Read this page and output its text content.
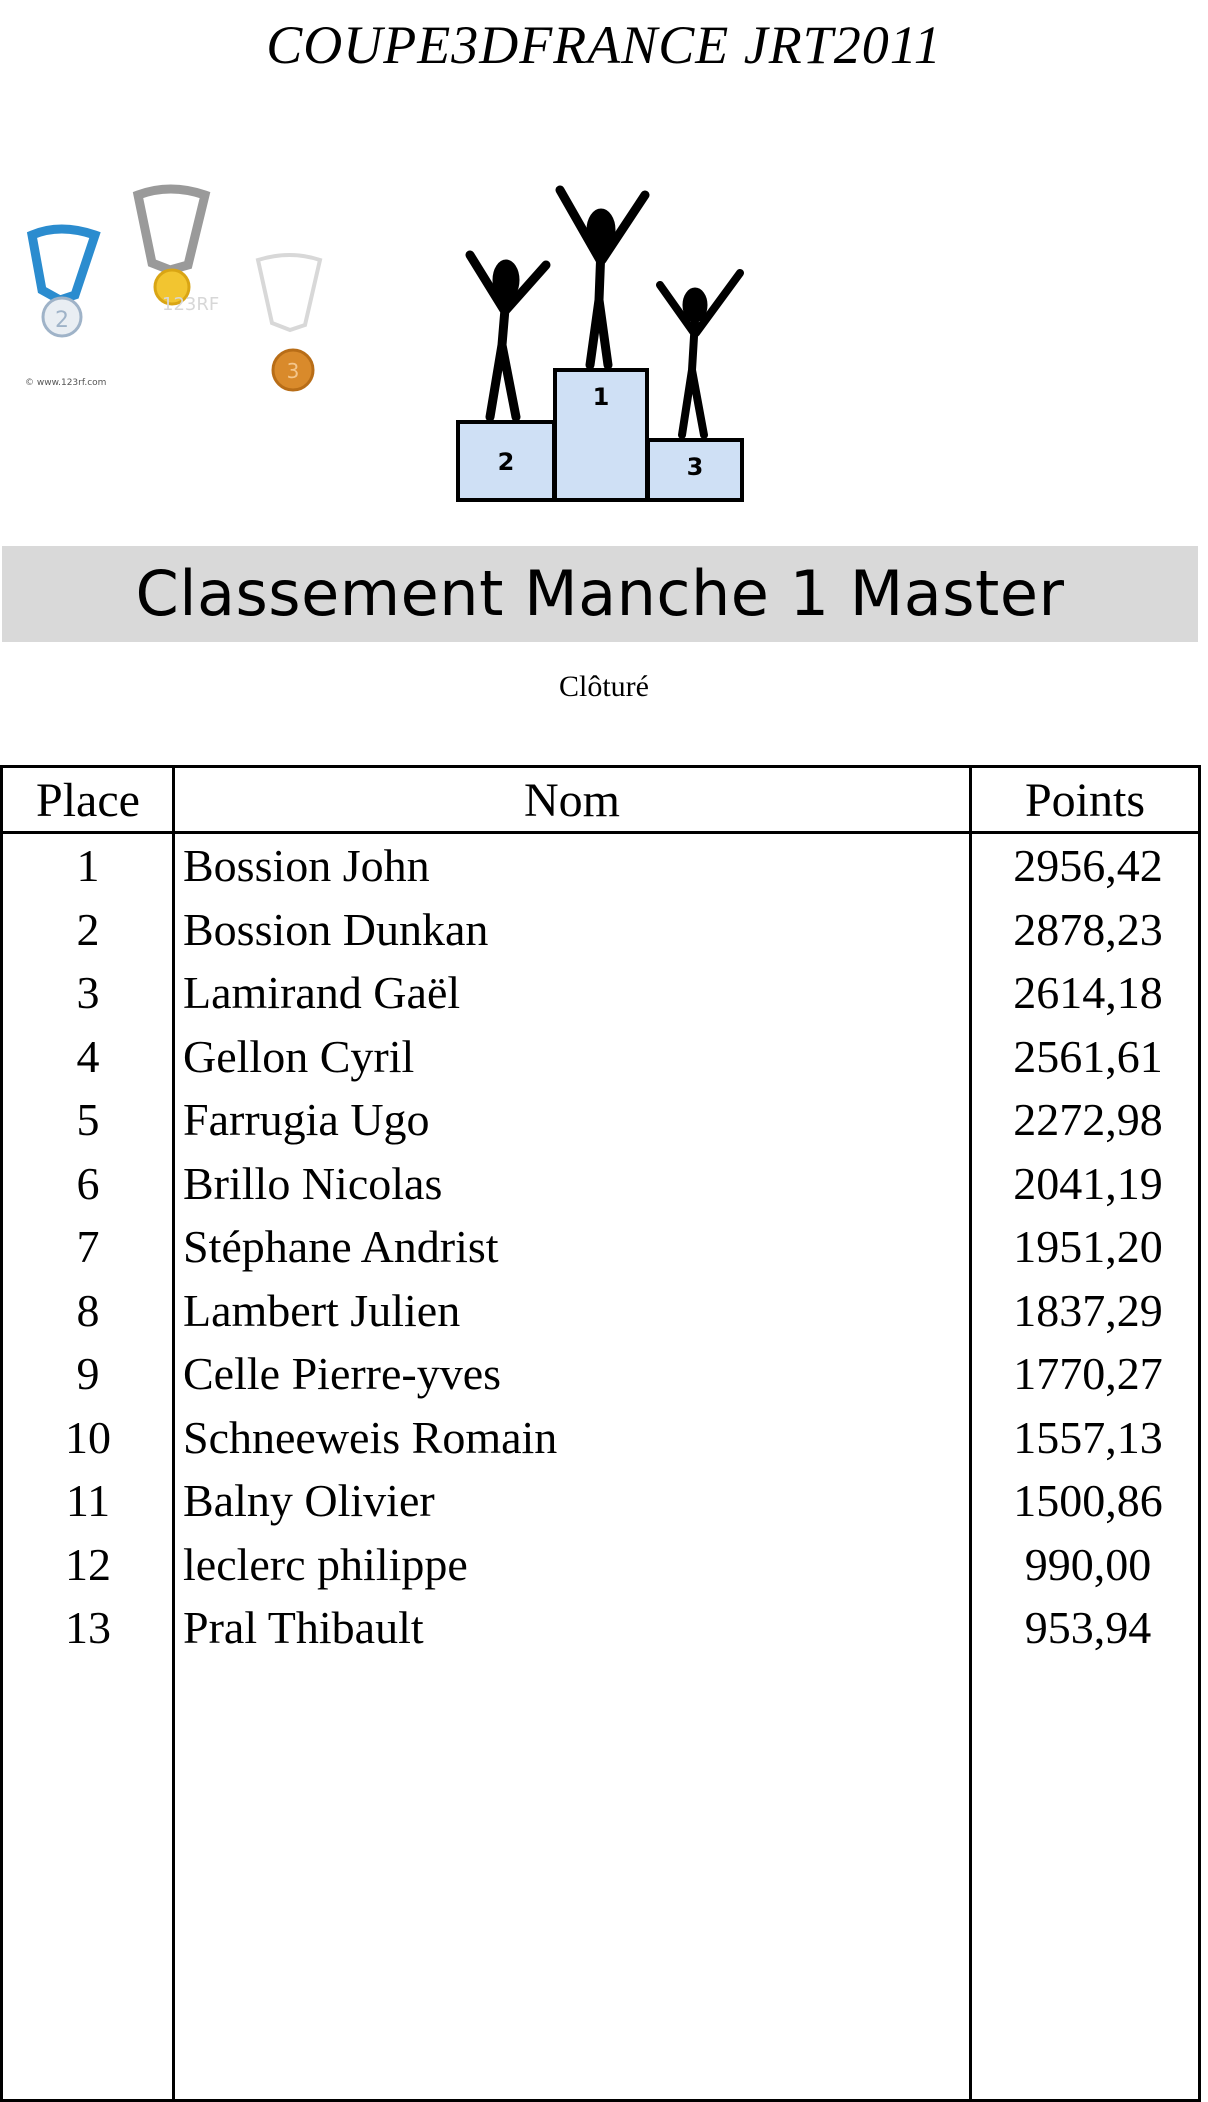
COUPE3DFRANCE JRT2011
2
© www.123rf.com
123RF
3
2
1
3
Classement Manche 1 Master
Clôturé
Place	Nom	Points
1	Bossion John	2956,42
2	Bossion Dunkan	2878,23
3	Lamirand Gaël	2614,18
4	Gellon Cyril	2561,61
5	Farrugia Ugo	2272,98
6	Brillo Nicolas	2041,19
7	Stéphane Andrist	1951,20
8	Lambert Julien	1837,29
9	Celle Pierre-yves	1770,27
10	Schneeweis Romain	1557,13
11	Balny Olivier	1500,86
12	leclerc philippe	990,00
13	Pral Thibault	953,94
